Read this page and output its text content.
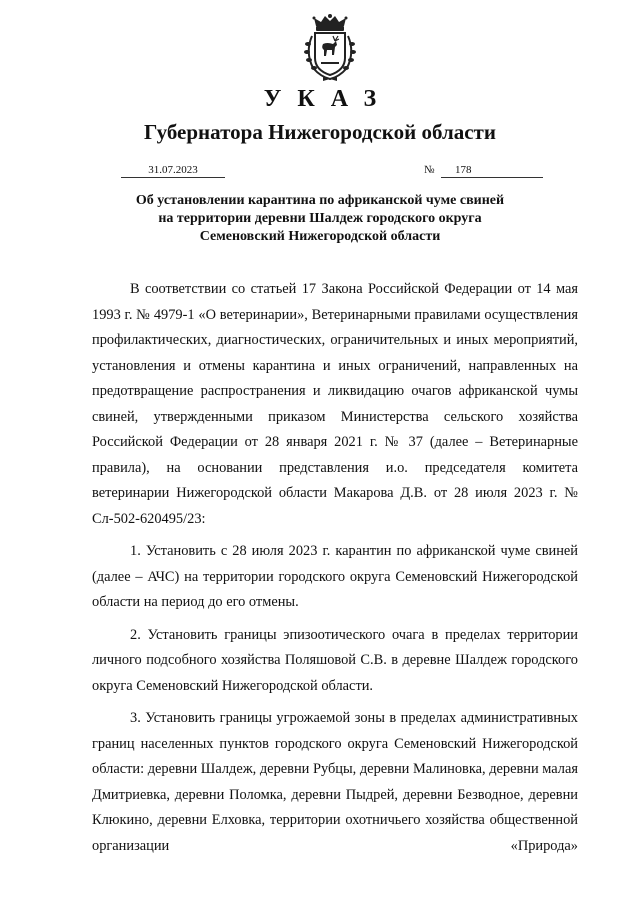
УКАЗ
Губернатора Нижегородской области
31.07.2023	№	178
Об установлении карантина по африканской чуме свиней
на территории деревни Шалдеж городского округа
Семеновский Нижегородской области

В соответствии со статьей 17 Закона Российской Федерации от 14 мая 1993 г. № 4979-1 «О ветеринарии», Ветеринарными правилами осуществления профилактических, диагностических, ограничительных и иных мероприятий, установления и отмены карантина и иных ограничений, направленных на предотвращение распространения и ликвидацию очагов африканской чумы свиней, утвержденными приказом Министерства сельского хозяйства Российской Федерации от 28 января 2021 г. № 37 (далее – Ветеринарные правила), на основании представления и.о. председателя комитета ветеринарии Нижегородской области Макарова Д.В. от 28 июля 2023 г. № Сл-502-620495/23:

1. Установить с 28 июля 2023 г. карантин по африканской чуме свиней (далее – АЧС) на территории городского округа Семеновский Нижегородской области на период до его отмены.

2. Установить границы эпизоотического очага в пределах территории личного подсобного хозяйства Поляшовой С.В. в деревне Шалдеж городского округа Семеновский Нижегородской области.

3. Установить границы угрожаемой зоны в пределах административных границ населенных пунктов городского округа Семеновский Нижегородской области: деревни Шалдеж, деревни Рубцы, деревни Малиновка, деревни малая Дмитриевка, деревни Поломка, деревни Пыдрей, деревни Безводное, деревни Клюкино, деревни Елховка, территории охотничьего хозяйства общественной организации «Природа»
